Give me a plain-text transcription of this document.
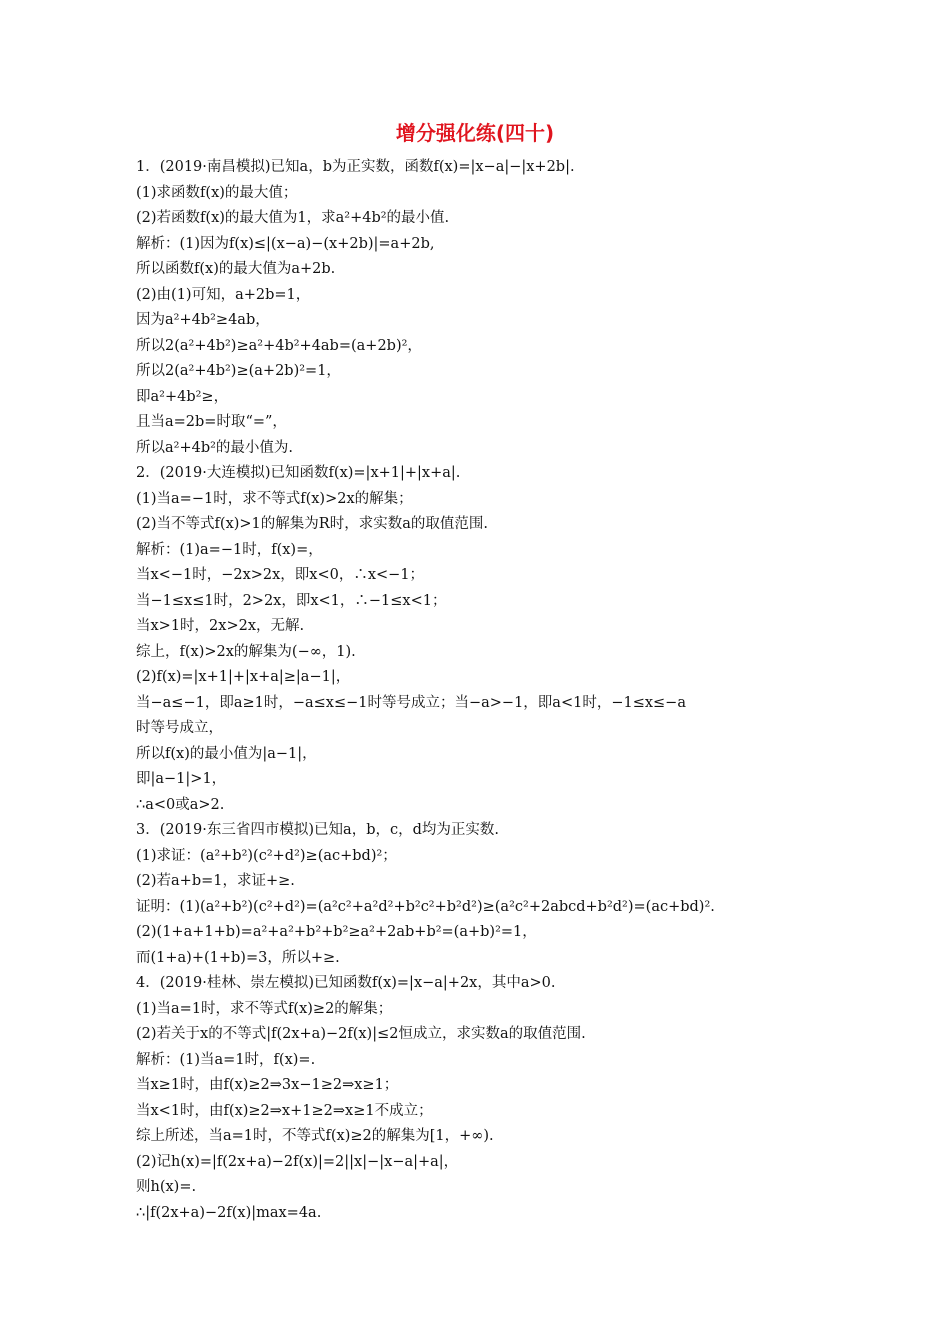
增分强化练(四十)
1．(2019·南昌模拟)已知a，b为正实数，函数f(x)=|x−a|−|x+2b|.
(1)求函数f(x)的最大值；
(2)若函数f(x)的最大值为1，求a²+4b²的最小值.
解析：(1)因为f(x)≤|(x−a)−(x+2b)|=a+2b,
所以函数f(x)的最大值为a+2b.
(2)由(1)可知，a+2b=1，
因为a²+4b²≥4ab，
所以2(a²+4b²)≥a²+4b²+4ab=(a+2b)²，
所以2(a²+4b²)≥(a+2b)²=1，
即a²+4b²≥，
且当a=2b=时取“=”，
所以a²+4b²的最小值为.
2．(2019·大连模拟)已知函数f(x)=|x+1|+|x+a|.
(1)当a=−1时，求不等式f(x)>2x的解集；
(2)当不等式f(x)>1的解集为R时，求实数a的取值范围.
解析：(1)a=−1时，f(x)=，
当x<−1时，−2x>2x，即x<0，∴x<−1；
当−1≤x≤1时，2>2x，即x<1，∴−1≤x<1；
当x>1时，2x>2x，无解.
综上，f(x)>2x的解集为(−∞，1).
(2)f(x)=|x+1|+|x+a|≥|a−1|，
当−a≤−1，即a≥1时，−a≤x≤−1时等号成立；当−a>−1，即a<1时，−1≤x≤−a
时等号成立，
所以f(x)的最小值为|a−1|，
即|a−1|>1，
∴a<0或a>2.
3．(2019·东三省四市模拟)已知a，b，c，d均为正实数.
(1)求证：(a²+b²)(c²+d²)≥(ac+bd)²；
(2)若a+b=1，求证+≥.
证明：(1)(a²+b²)(c²+d²)=(a²c²+a²d²+b²c²+b²d²)≥(a²c²+2abcd+b²d²)=(ac+bd)².
(2)(1+a+1+b)=a²+a²+b²+b²≥a²+2ab+b²=(a+b)²=1，
而(1+a)+(1+b)=3，所以+≥.
4．(2019·桂林、崇左模拟)已知函数f(x)=|x−a|+2x，其中a>0.
(1)当a=1时，求不等式f(x)≥2的解集；
(2)若关于x的不等式|f(2x+a)−2f(x)|≤2恒成立，求实数a的取值范围.
解析：(1)当a=1时，f(x)=.
当x≥1时，由f(x)≥2⇒3x−1≥2⇒x≥1；
当x<1时，由f(x)≥2⇒x+1≥2⇒x≥1不成立；
综上所述，当a=1时，不等式f(x)≥2的解集为[1，+∞).
(2)记h(x)=|f(2x+a)−2f(x)|=2||x|−|x−a|+a|，
则h(x)=.
∴|f(2x+a)−2f(x)|max=4a.
